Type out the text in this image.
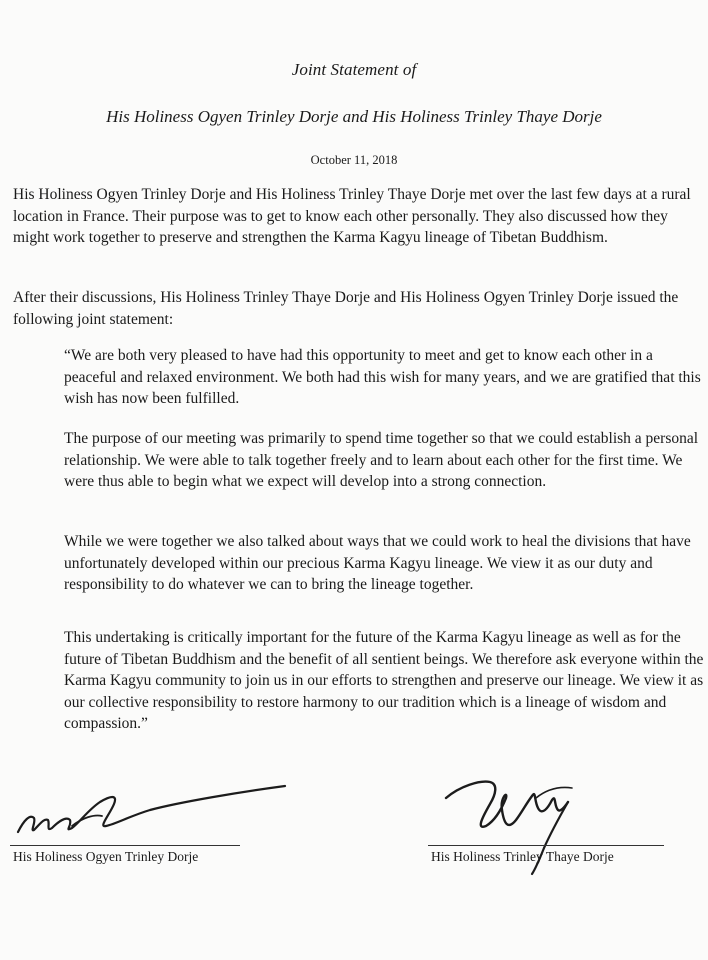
Joint Statement of
His Holiness Ogyen Trinley Dorje and His Holiness Trinley Thaye Dorje
October 11, 2018

His Holiness Ogyen Trinley Dorje and His Holiness Trinley Thaye Dorje met over the last few days at a rural location in France. Their purpose was to get to know each other personally. They also discussed how they might work together to preserve and strengthen the Karma Kagyu lineage of Tibetan Buddhism.

After their discussions, His Holiness Trinley Thaye Dorje and His Holiness Ogyen Trinley Dorje issued the following joint statement:

“We are both very pleased to have had this opportunity to meet and get to know each other in a peaceful and relaxed environment. We both had this wish for many years, and we are gratified that this wish has now been fulfilled.

The purpose of our meeting was primarily to spend time together so that we could establish a personal relationship. We were able to talk together freely and to learn about each other for the first time. We were thus able to begin what we expect will develop into a strong connection.

While we were together we also talked about ways that we could work to heal the divisions that have unfortunately developed within our precious Karma Kagyu lineage. We view it as our duty and responsibility to do whatever we can to bring the lineage together.

This undertaking is critically important for the future of the Karma Kagyu lineage as well as for the future of Tibetan Buddhism and the benefit of all sentient beings. We therefore ask everyone within the Karma Kagyu community to join us in our efforts to strengthen and preserve our lineage. We view it as our collective responsibility to restore harmony to our tradition which is a lineage of wisdom and compassion.”

His Holiness Ogyen Trinley Dorje	His Holiness Trinley Thaye Dorje
